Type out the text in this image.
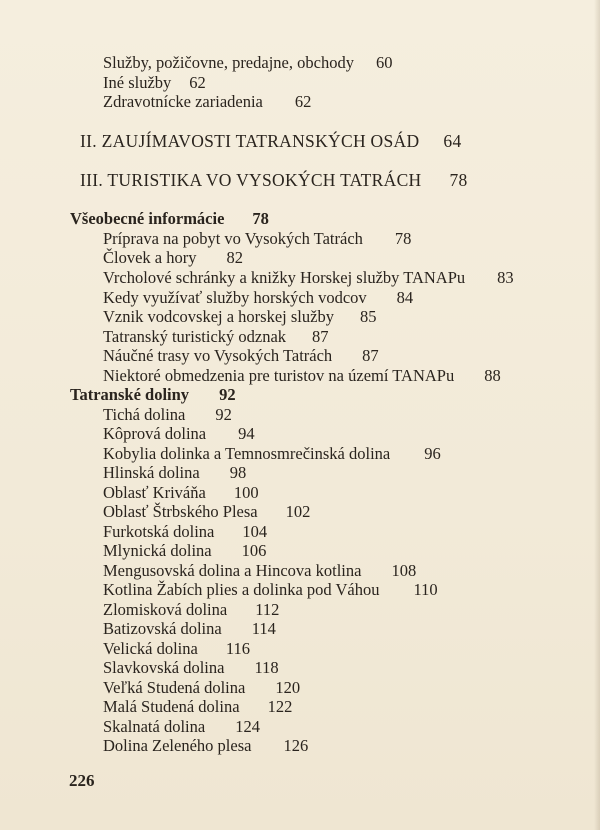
Služby, požičovne, predajne, obchody 60
Iné služby 62
Zdravotnícke zariadenia 62
II. ZAUJÍMAVOSTI TATRANSKÝCH OSÁD 64
III. TURISTIKA VO VYSOKÝCH TATRÁCH 78
Všeobecné informácie 78
Príprava na pobyt vo Vysokých Tatrách 78
Človek a hory 82
Vrcholové schránky a knižky Horskej služby TANAPu 83
Kedy využívať služby horských vodcov 84
Vznik vodcovskej a horskej služby 85
Tatranský turistický odznak 87
Náučné trasy vo Vysokých Tatrách 87
Niektoré obmedzenia pre turistov na území TANAPu 88
Tatranské doliny 92
Tichá dolina 92
Kôprová dolina 94
Kobylia dolinka a Temnosmrečinská dolina 96
Hlinská dolina 98
Oblasť Kriváňa 100
Oblasť Štrbského Plesa 102
Furkotská dolina 104
Mlynická dolina 106
Mengusovská dolina a Hincova kotlina 108
Kotlina Žabích plies a dolinka pod Váhou 110
Zlomisková dolina 112
Batizovská dolina 114
Velická dolina 116
Slavkovská dolina 118
Veľká Studená dolina 120
Malá Studená dolina 122
Skalnatá dolina 124
Dolina Zeleného plesa 126
226
